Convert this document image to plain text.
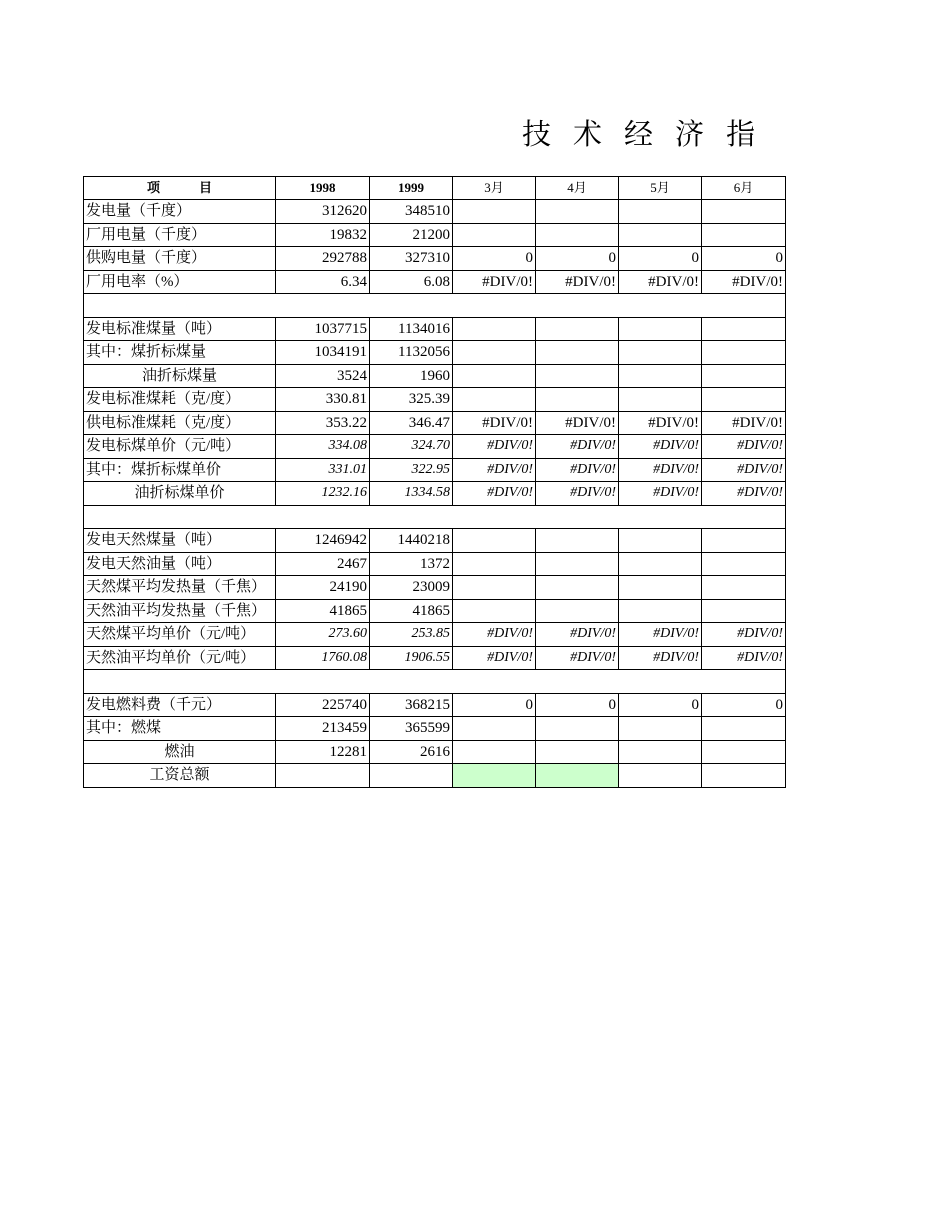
技 术 经 济 指
项　　　目	1998	1999	3月	4月	5月	6月
发电量（千度）	312620	348510				
厂用电量（千度）	19832	21200				
供购电量（千度）	292788	327310	0	0	0	0
厂用电率（%）	6.34	6.08	#DIV/0!	#DIV/0!	#DIV/0!	#DIV/0!

发电标准煤量（吨）	1037715	1134016				
其中：煤折标煤量	1034191	1132056				
油折标煤量	3524	1960				
发电标准煤耗（克/度）	330.81	325.39				
供电标准煤耗（克/度）	353.22	346.47	#DIV/0!	#DIV/0!	#DIV/0!	#DIV/0!
发电标煤单价（元/吨）	334.08	324.70	#DIV/0!	#DIV/0!	#DIV/0!	#DIV/0!
其中：煤折标煤单价	331.01	322.95	#DIV/0!	#DIV/0!	#DIV/0!	#DIV/0!
油折标煤单价	1232.16	1334.58	#DIV/0!	#DIV/0!	#DIV/0!	#DIV/0!

发电天然煤量（吨）	1246942	1440218				
发电天然油量（吨）	2467	1372				
天然煤平均发热量（千焦）	24190	23009				
天然油平均发热量（千焦）	41865	41865				
天然煤平均单价（元/吨）	273.60	253.85	#DIV/0!	#DIV/0!	#DIV/0!	#DIV/0!
天然油平均单价（元/吨）	1760.08	1906.55	#DIV/0!	#DIV/0!	#DIV/0!	#DIV/0!

发电燃料费（千元）	225740	368215	0	0	0	0
其中：燃煤	213459	365599				
燃油	12281	2616				
工资总额						
